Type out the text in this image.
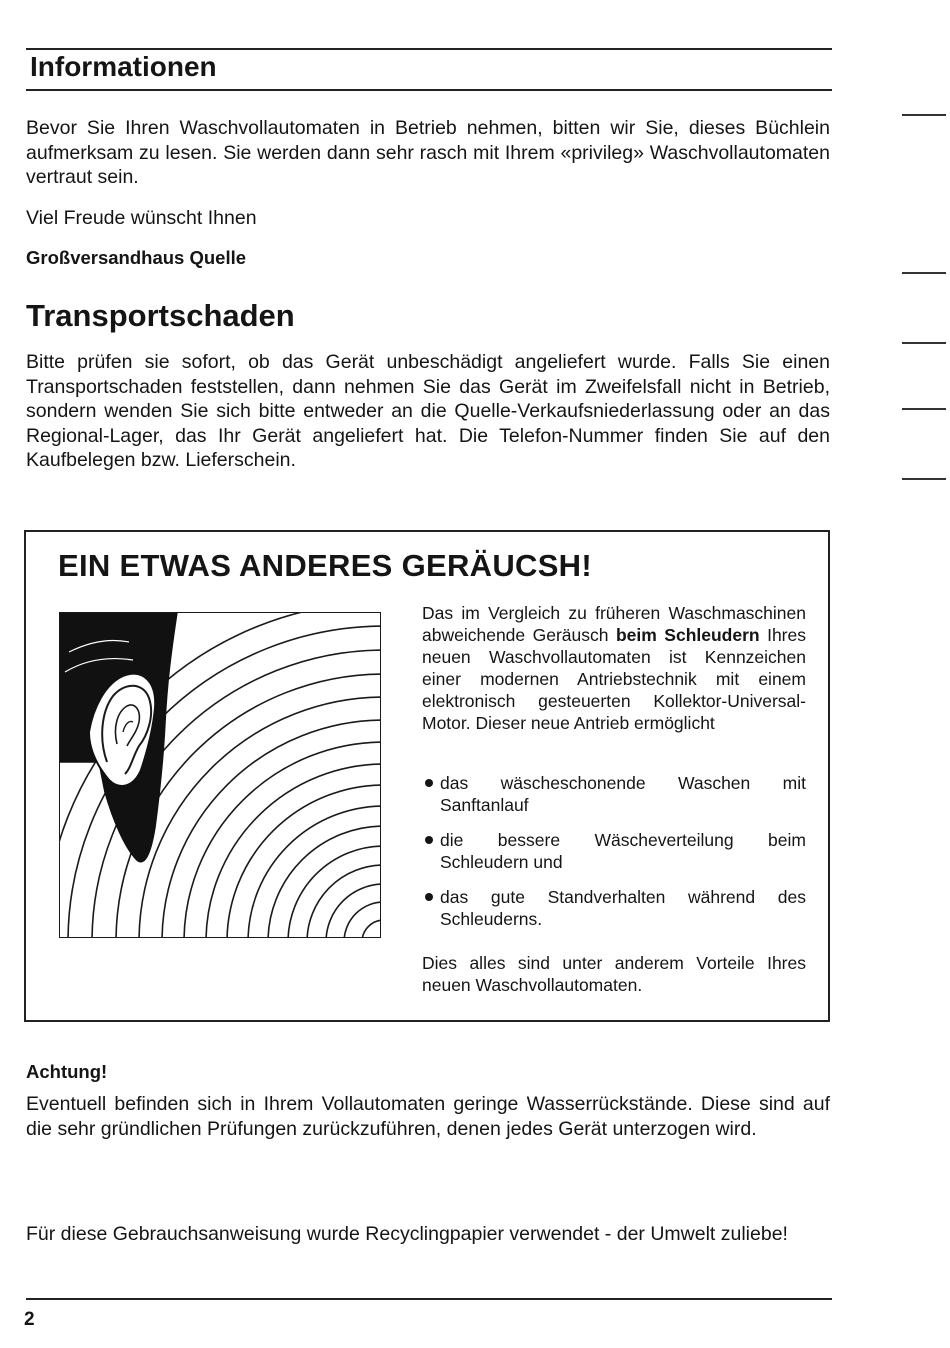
Informationen

Bevor Sie Ihren Waschvollautomaten in Betrieb nehmen, bitten wir Sie, dieses Büchlein aufmerksam zu lesen. Sie werden dann sehr rasch mit Ihrem «privileg» Waschvollautomaten vertraut sein.

Viel Freude wünscht Ihnen

Großversandhaus Quelle

Transportschaden

Bitte prüfen sie sofort, ob das Gerät unbeschädigt angeliefert wurde. Falls Sie einen Transportschaden feststellen, dann nehmen Sie das Gerät im Zweifelsfall nicht in Betrieb, sondern wenden Sie sich bitte entweder an die Quelle-Verkaufsniederlassung oder an das Regional-Lager, das Ihr Gerät angeliefert hat. Die Telefon-Nummer finden Sie auf den Kaufbelegen bzw. Lieferschein.

EIN ETWAS ANDERES GERÄUCSH!

Das im Vergleich zu früheren Waschmaschinen abweichende Geräusch beim Schleudern Ihres neuen Waschvollautomaten ist Kennzeichen einer modernen Antriebstechnik mit einem elektronisch gesteuerten Kollektor-Universal-Motor. Dieser neue Antrieb ermöglicht

das wäscheschonende Waschen mit Sanftanlauf
die bessere Wäscheverteilung beim Schleudern und
das gute Standverhalten während des Schleuderns.

Dies alles sind unter anderem Vorteile Ihres neuen Waschvollautomaten.

Achtung!

Eventuell befinden sich in Ihrem Vollautomaten geringe Wasserrückstände. Diese sind auf die sehr gründlichen Prüfungen zurückzuführen, denen jedes Gerät unterzogen wird.

Für diese Gebrauchsanweisung wurde Recyclingpapier verwendet - der Umwelt zuliebe!

2
